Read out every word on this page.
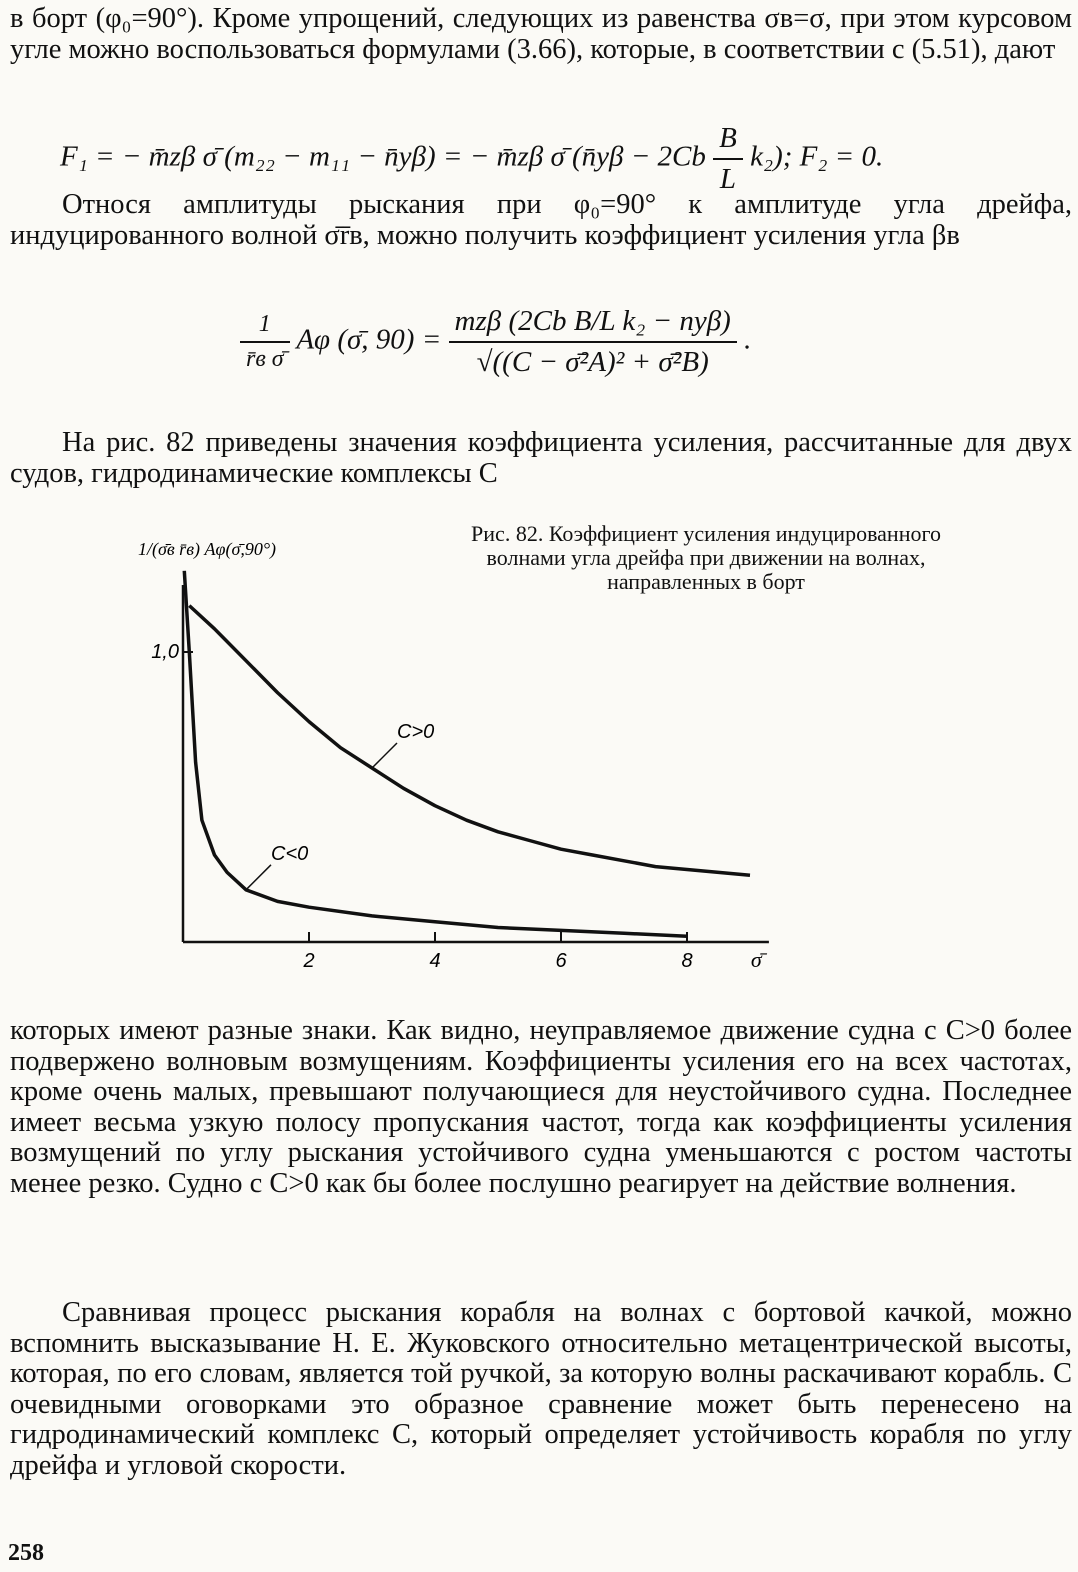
в борт (φ₀=90°). Кроме упрощений, следующих из равенства σв=σ, при этом курсовом угле можно воспользоваться формулами (3.66), которые, в соответствии с (5.51), дают

F₁ = − m̄zβ σ̄ (m₂₂ − m₁₁ − n̄yβ) = − m̄zβ σ̄ (n̄yβ − $2Cb \frac{B}{L} k_2$); F₂ = 0.

Относя амплитуды рыскания при φ₀=90° к амплитуде угла дрейфа, индуцированного волной σ̄r̄в, можно получить коэффициент усиления угла βв

$\frac{1}{\text{r̄в σ̄}}$ Aφ (σ̄, $90) = \frac{\text{mzβ (2Cb B/L k₂ − nyβ)}}{\text{√((C − σ̄²A)² + σ̄²B)}}$ .

На рис. 82 приведены значения коэффициента усиления, рассчитанные для двух судов, гидродинамические комплексы C

1/(σ̄в r̄в) Aφ(σ̄,90°)
2	4	6	8	σ̄
1,0
C>0
C<0

Рис. 82. Коэффициент усиления индуцированного волнами угла дрейфа при движении на волнах, направленных в борт

которых имеют разные знаки. Как видно, неуправляемое движение судна с C>0 более подвержено волновым возмущениям. Коэффициенты усиления его на всех частотах, кроме очень малых, превышают получающиеся для неустойчивого судна. Последнее имеет весьма узкую полосу пропускания частот, тогда как коэффициенты усиления возмущений по углу рыскания устойчивого судна уменьшаются с ростом частоты менее резко. Судно с C>0 как бы более послушно реагирует на действие волнения.

Сравнивая процесс рыскания корабля на волнах с бортовой качкой, можно вспомнить высказывание Н. Е. Жуковского относительно метацентрической высоты, которая, по его словам, является той ручкой, за которую волны раскачивают корабль. С очевидными оговорками это образное сравнение может быть перенесено на гидродинамический комплекс C, который определяет устойчивость корабля по углу дрейфа и угловой скорости.

258
